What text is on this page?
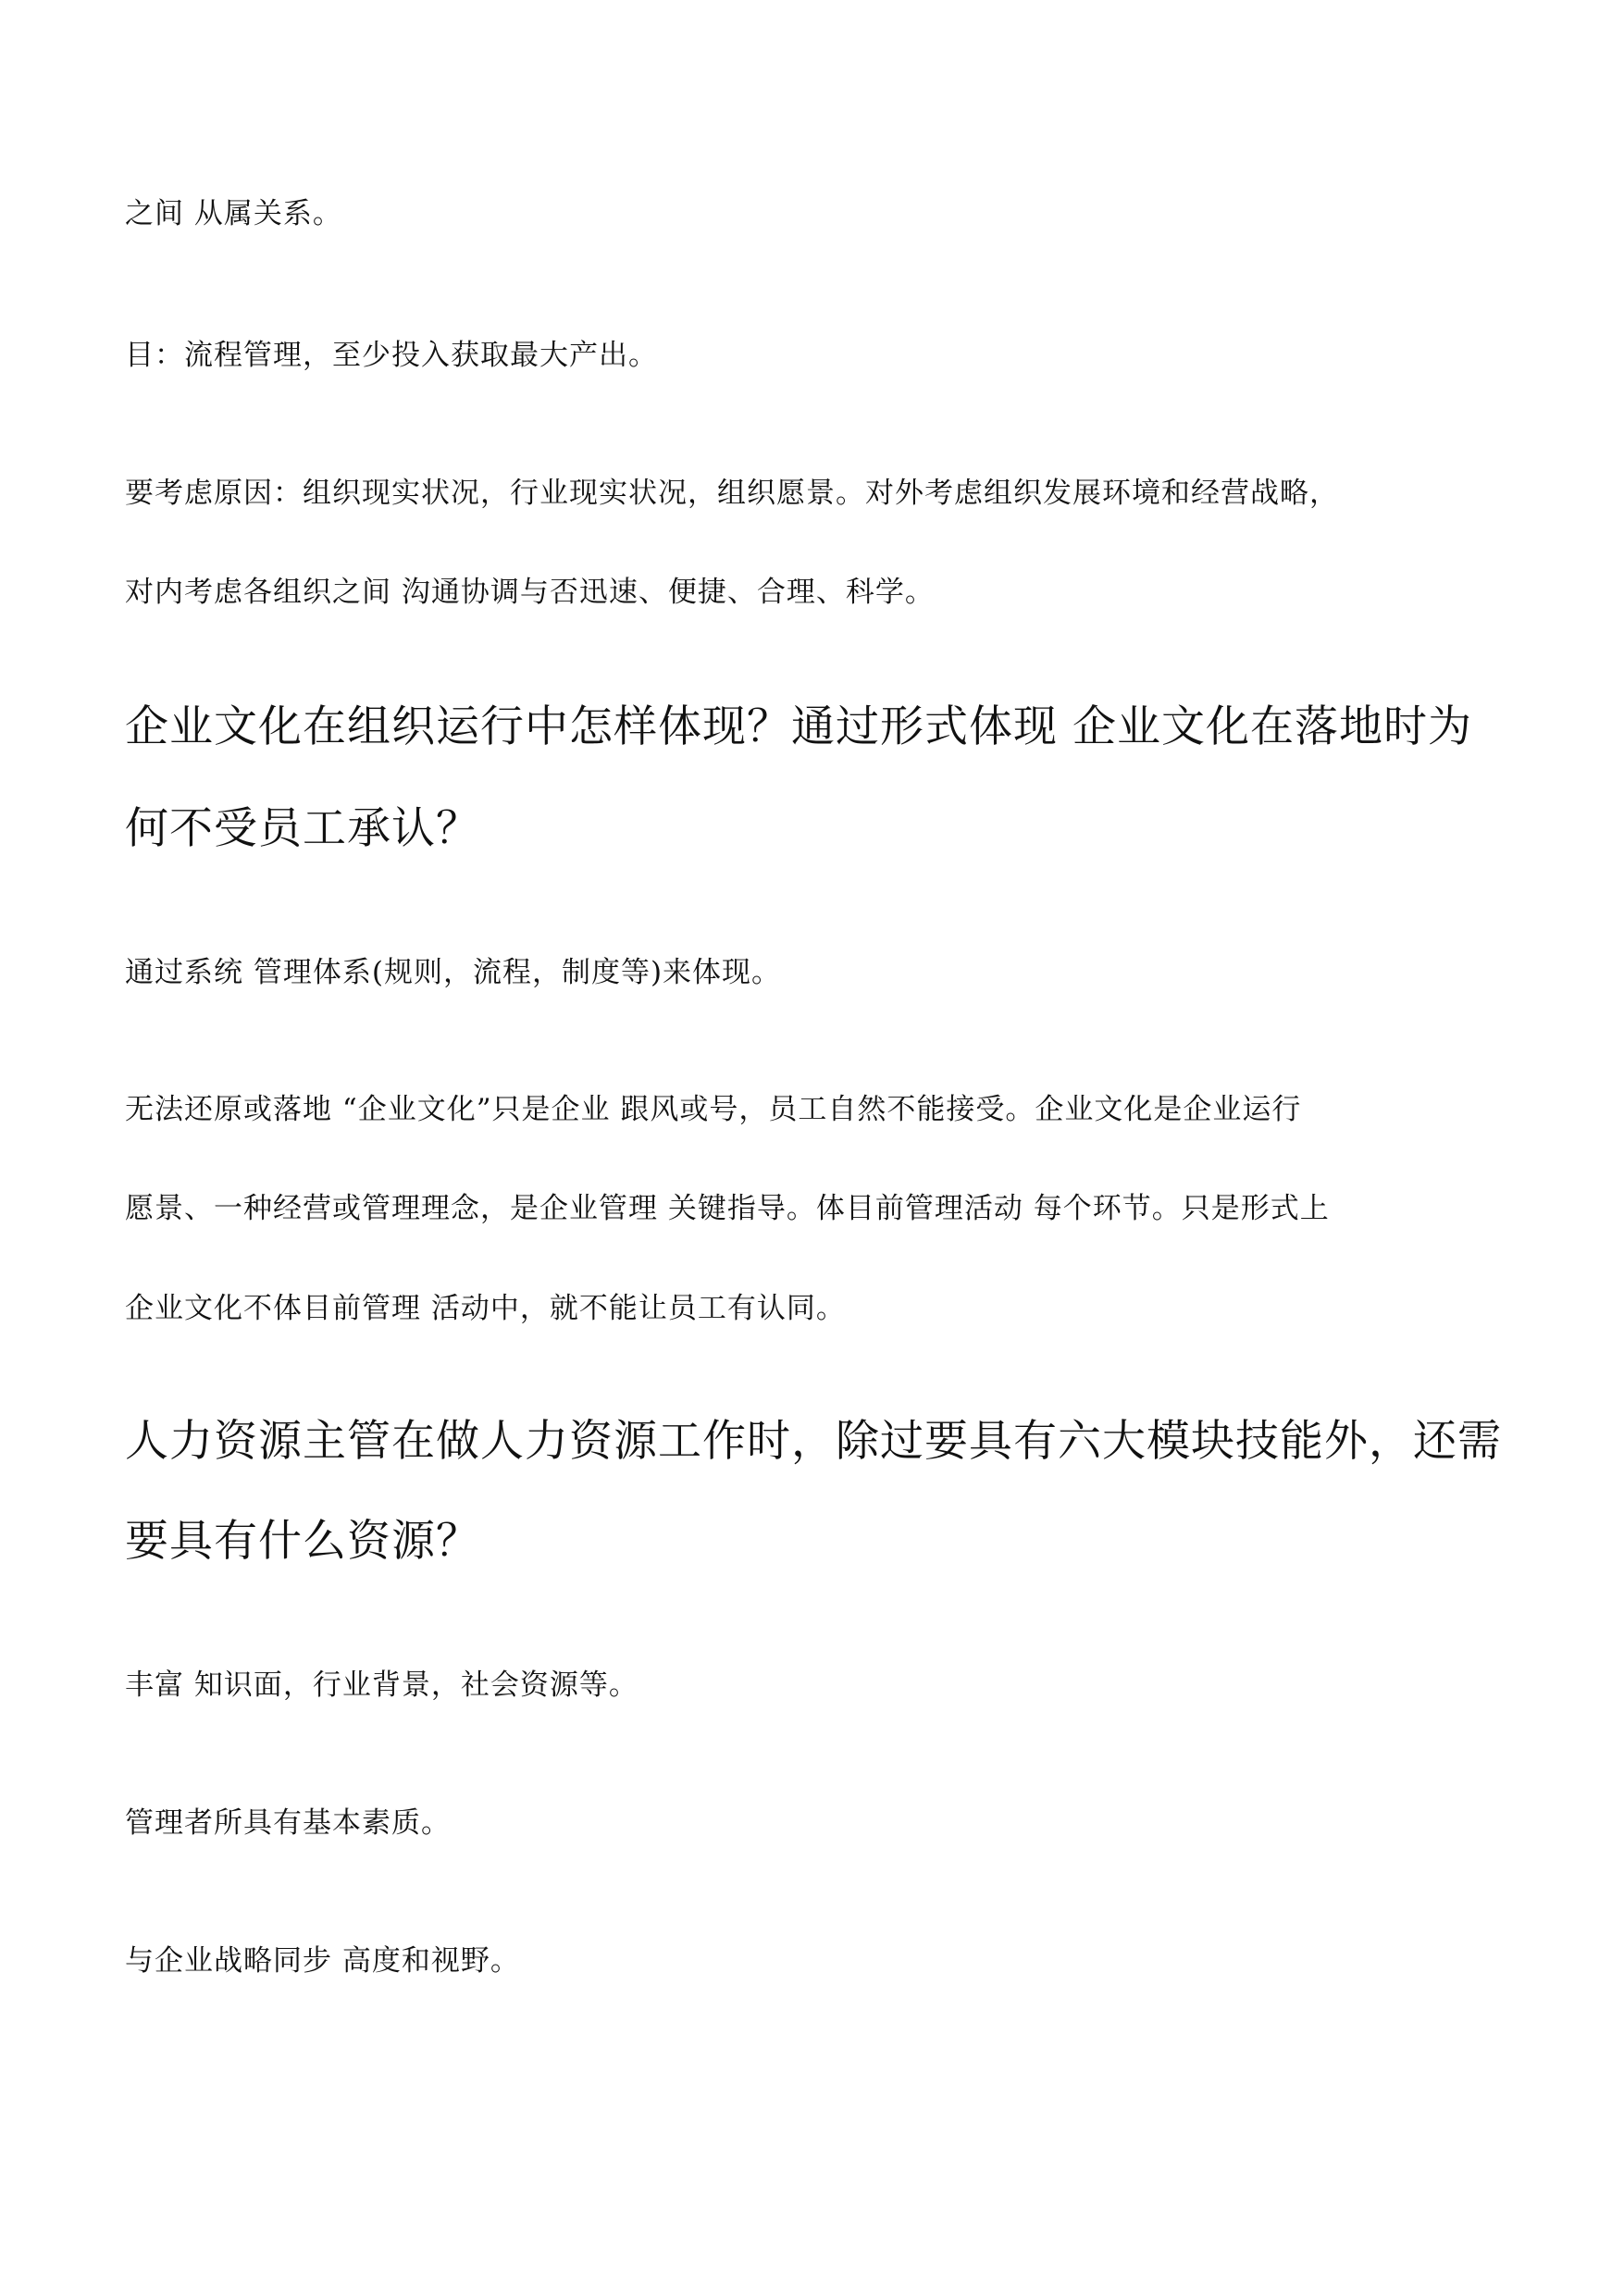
之间 从属关系。
目：流程管理，至少投入获取最大产出。
要考虑原因：组织现实状况，行业现实状况，组织愿景。对外考虑组织发展环境和经营战略，
对内考虑各组织之间 沟通协调与否迅速、便捷、合理、科学。
企业文化在组织运行中怎样体现？通过形式体现 企业文化在落地时为
何不受员工承认？
通过系统 管理体系(规则，流程，制度等)来体现。
无法还原或落地 “企业文化”只是企业 跟风或号，员工自然不能接受。企业文化是企业运行
愿景、一种经营或管理理念，是企业管理 关键指导。体目前管理活动 每个环节。只是形式上
企业文化不体目前管理 活动中，就不能让员工有认同。
人力资源主管在做人力资源工作时，除过要具有六大模块技能外，还需
要具有什么资源？
丰富 知识面，行业背景，社会资源等。
管理者所具有基本素质。
与企业战略同步 高度和视野。
